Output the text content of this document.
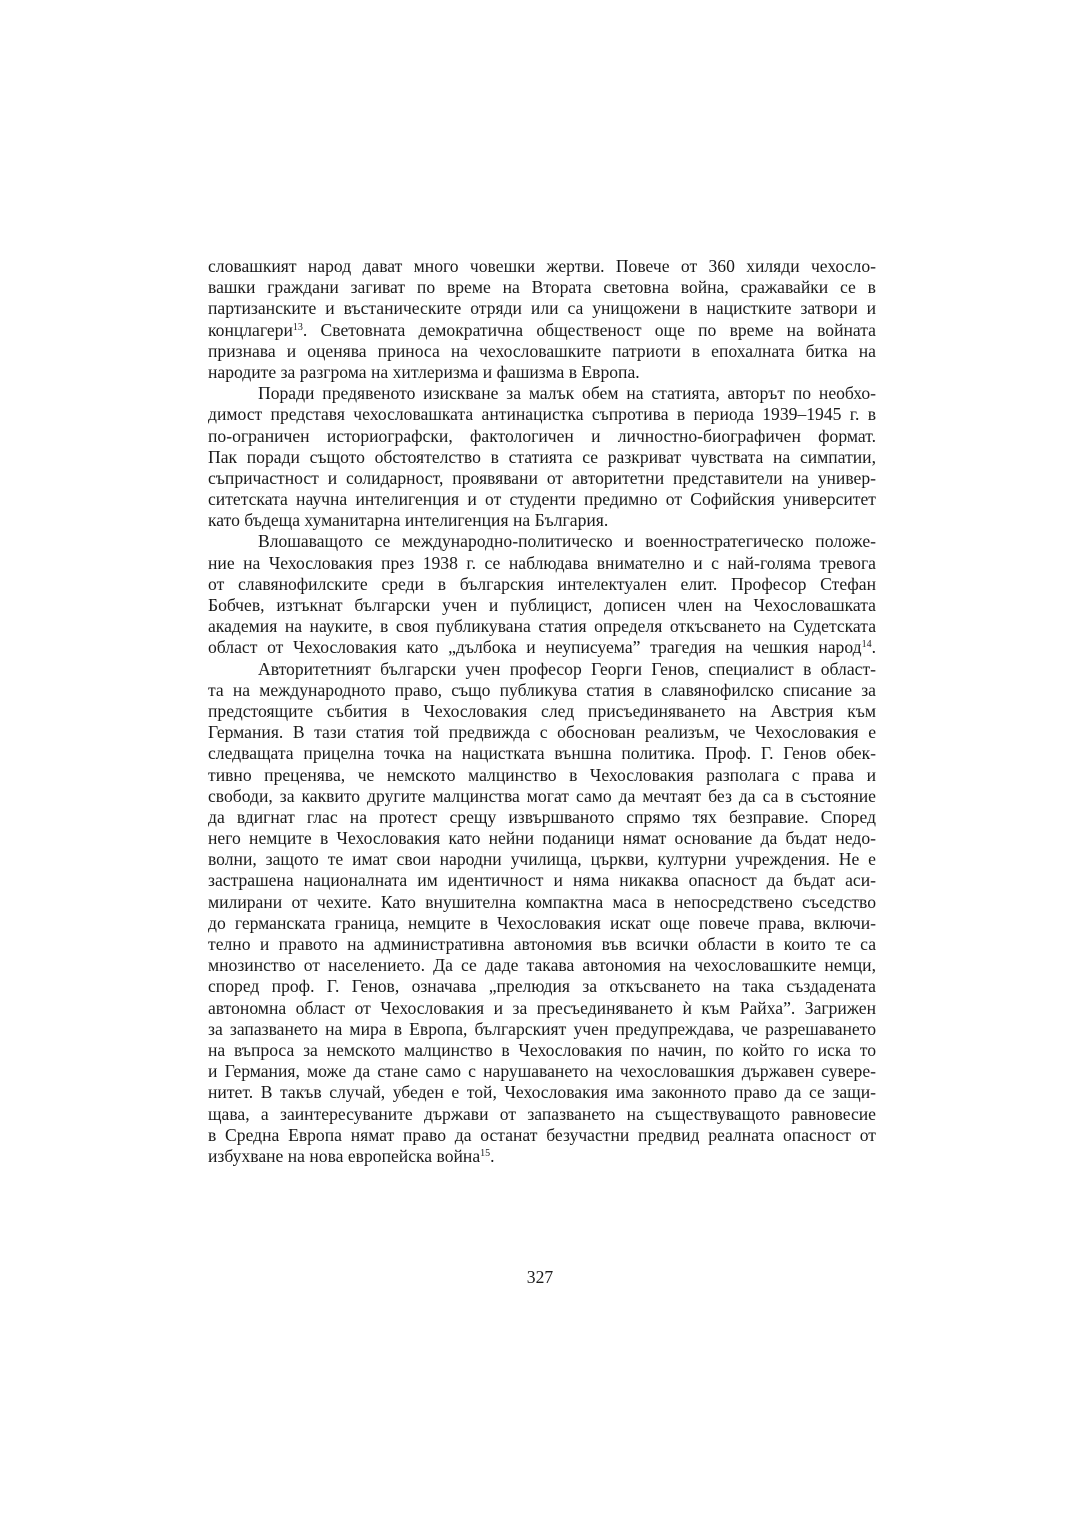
словашкият народ дават много човешки жертви. Повече от 360 хиляди чехосло-
вашки граждани загиват по време на Втората световна война, сражавайки се в
партизанските и въстаническите отряди или са унищожени в нацистките затвори и
концлагери$^{13}$. Световната демократична общественост още по време на войната
признава и оценява приноса на чехословашките патриоти в епохалната битка на
народите за разгрома на хитлеризма и фашизма в Европа.
Поради предявеното изискване за малък обем на статията, авторът по необхо-
димост представя чехословашката антинацистка съпротива в периода 1939–1945 г. в
по-ограничен историографски, фактологичен и личностно-биографичен формат.
Пак поради същото обстоятелство в статията се разкриват чувствата на симпатии,
съпричастност и солидарност, проявявани от авторитетни представители на универ-
ситетската научна интелигенция и от студенти предимно от Софийския университет
като бъдеща хуманитарна интелигенция на България.
Влошаващото се международно-политическо и военностратегическо положе-
ние на Чехословакия през 1938 г. се наблюдава внимателно и с най-голяма тревога
от славянофилските среди в българския интелектуален елит. Професор Стефан
Бобчев, изтъкнат български учен и публицист, дописен член на Чехословашката
академия на науките, в своя публикувана статия определя откъсването на Судетската
област от Чехословакия като „дълбока и неуписуема” трагедия на чешкия народ$^{14}$.
Авторитетният български учен професор Георги Генов, специалист в област-
та на международното право, също публикува статия в славянофилско списание за
предстоящите събития в Чехословакия след присъединяването на Австрия към
Германия. В тази статия той предвижда с обоснован реализъм, че Чехословакия е
следващата прицелна точка на нацистката външна политика. Проф. Г. Генов обек-
тивно преценява, че немското малцинство в Чехословакия разполага с права и
свободи, за каквито другите малцинства могат само да мечтаят без да са в състояние
да вдигнат глас на протест срещу извършваното спрямо тях безправие. Според
него немците в Чехословакия като нейни поданици нямат основание да бъдат недо-
волни, защото те имат свои народни училища, църкви, културни учреждения. Не е
застрашена националната им идентичност и няма никаква опасност да бъдат аси-
милирани от чехите. Като внушителна компактна маса в непосредствено съседство
до германската граница, немците в Чехословакия искат още повече права, включи-
телно и правото на административна автономия във всички области в които те са
мнозинство от населението. Да се даде такава автономия на чехословашките немци,
според проф. Г. Генов, означава „прелюдия за откъсването на така създадената
автономна област от Чехословакия и за пресъединяването ѝ към Райха”. Загрижен
за запазването на мира в Европа, българският учен предупреждава, че разрешаването
на въпроса за немското малцинство в Чехословакия по начин, по който го иска то
и Германия, може да стане само с нарушаването на чехословашкия държавен сувере-
нитет. В такъв случай, убеден е той, Чехословакия има законното право да се защи-
щава, а заинтересуваните държави от запазването на съществуващото равновесие
в Средна Европа нямат право да останат безучастни предвид реалната опасност от
избухване на нова европейска война$^{15}$.
327
